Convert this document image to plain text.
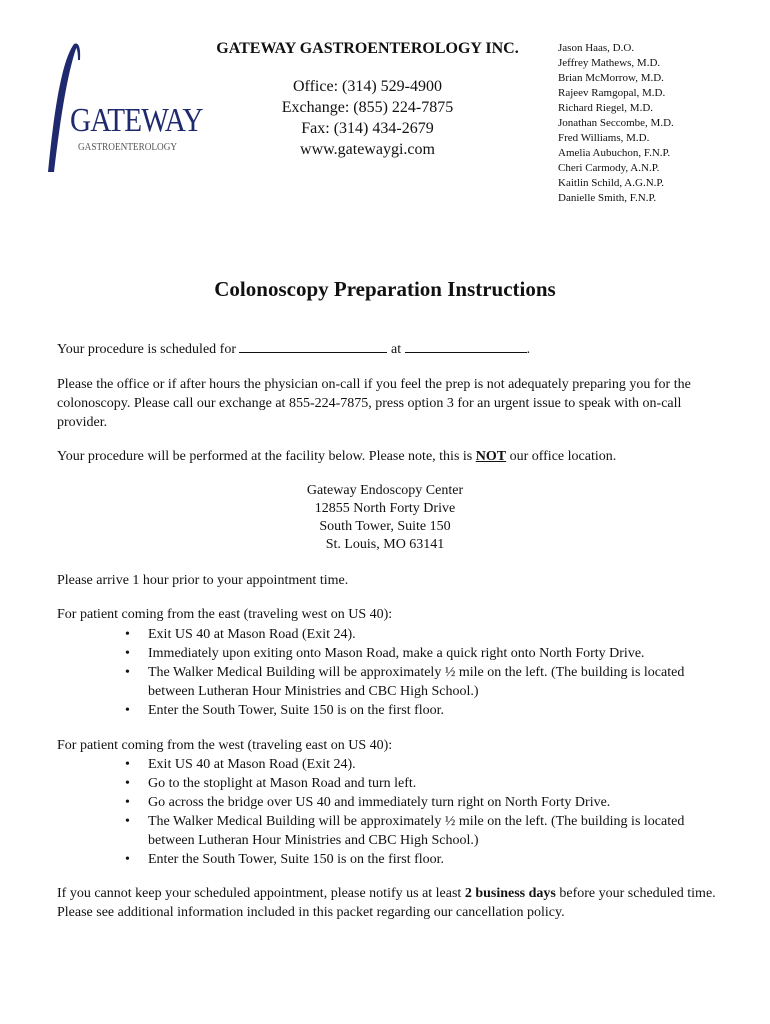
GATEWAY
GASTROENTEROLOGY
GATEWAY GASTROENTEROLOGY INC.
Office: (314) 529-4900
Exchange: (855) 224-7875
Fax: (314) 434-2679
www.gatewaygi.com
Jason Haas, D.O.
Jeffrey Mathews, M.D.
Brian McMorrow, M.D.
Rajeev Ramgopal, M.D.
Richard Riegel, M.D.
Jonathan Seccombe, M.D.
Fred Williams, M.D.
Amelia Aubuchon, F.N.P.
Cheri Carmody, A.N.P.
Kaitlin Schild, A.G.N.P.
Danielle Smith, F.N.P.
Colonoscopy Preparation Instructions
Your procedure is scheduled for	at	.
Please the office or if after hours the physician on-call if you feel the prep is not adequately preparing you for the colonoscopy. Please call our exchange at 855-224-7875, press option 3 for an urgent issue to speak with on-call provider.
Your procedure will be performed at the facility below. Please note, this is NOT our office location.
Gateway Endoscopy Center
12855 North Forty Drive
South Tower, Suite 150
St. Louis, MO 63141
Please arrive 1 hour prior to your appointment time.
For patient coming from the east (traveling west on US 40):
• Exit US 40 at Mason Road (Exit 24).
• Immediately upon exiting onto Mason Road, make a quick right onto North Forty Drive.
• The Walker Medical Building will be approximately ½ mile on the left. (The building is located between Lutheran Hour Ministries and CBC High School.)
• Enter the South Tower, Suite 150 is on the first floor.
For patient coming from the west (traveling east on US 40):
• Exit US 40 at Mason Road (Exit 24).
• Go to the stoplight at Mason Road and turn left.
• Go across the bridge over US 40 and immediately turn right on North Forty Drive.
• The Walker Medical Building will be approximately ½ mile on the left. (The building is located between Lutheran Hour Ministries and CBC High School.)
• Enter the South Tower, Suite 150 is on the first floor.
If you cannot keep your scheduled appointment, please notify us at least 2 business days before your scheduled time. Please see additional information included in this packet regarding our cancellation policy.
